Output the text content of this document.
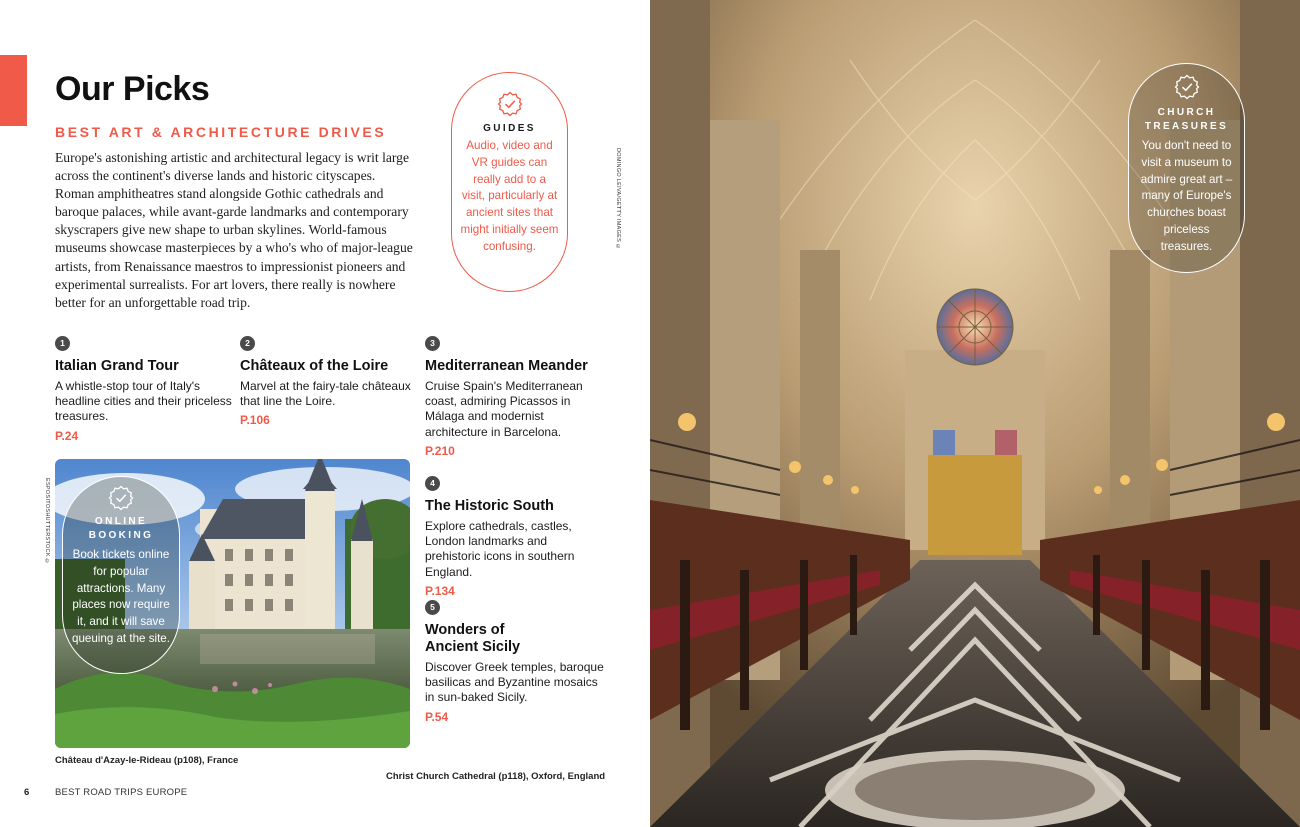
Our Picks
BEST ART & ARCHITECTURE DRIVES

Europe's astonishing artistic and architectural legacy is writ large across the continent's diverse lands and historic cityscapes. Roman amphitheatres stand alongside Gothic cathedrals and baroque palaces, while avant-garde landmarks and contemporary skyscrapers give new shape to urban skylines. World-famous museums showcase masterpieces by a who's who of major-league artists, from Renaissance maestros to impressionist pioneers and experimental surrealists. For art lovers, there really is nowhere better for an unforgettable road trip.

GUIDES
Audio, video and VR guides can really add to a visit, particularly at ancient sites that might initially seem confusing.	DOMINGO LEIVA/GETTY IMAGES ©
1
Italian Grand Tour
A whistle-stop tour of Italy's headline cities and their priceless treasures.
P.24
2
Châteaux of the Loire
Marvel at the fairy-tale châteaux that line the Loire.
P.106
3
Mediterranean Meander
Cruise Spain's Mediterranean coast, admiring Picassos in Málaga and modernist architecture in Barcelona.
P.210
4
The Historic South
Explore cathedrals, castles, London landmarks and prehistoric icons in southern England.
P.134
5
Wonders of Ancient Sicily
Discover Greek temples, baroque basilicas and Byzantine mosaics in sun-baked Sicily.
P.54
ESPOSITOSHUTTERSTOCK ©	ONLINE BOOKING
Book tickets online for popular attractions. Many places now require it, and it will save queuing at the site.
Château d'Azay-le-Rideau (p108), France
Christ Church Cathedral (p118), Oxford, England
6	BEST ROAD TRIPS EUROPE
CHURCH TREASURES
You don't need to visit a museum to admire great art – many of Europe's churches boast priceless treasures.
